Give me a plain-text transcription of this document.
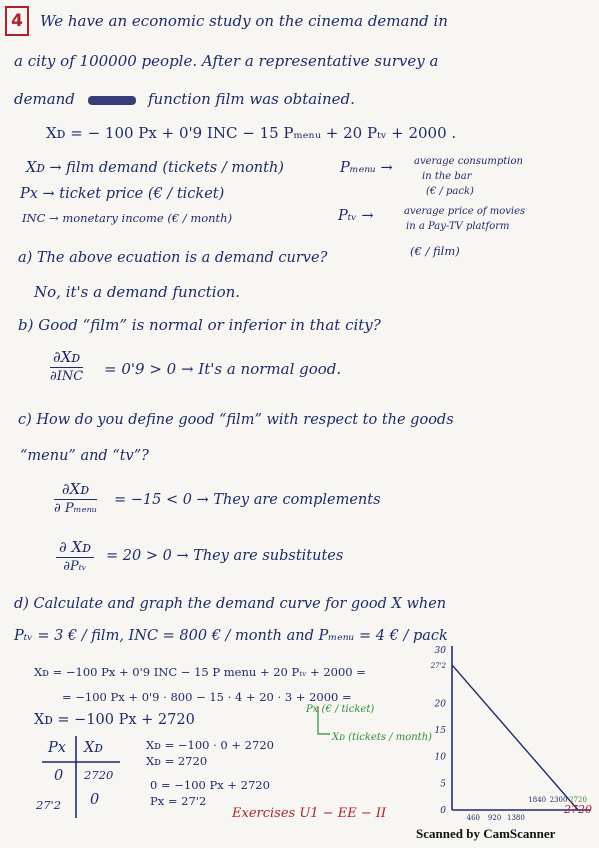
4	We have an economic study on the cinema demand in
a city of 100000 people. After a representative survey a
demand	function film was obtained.
Xᴅ = − 100 Px + 0'9 INC − 15 Pₘₑₙᵤ + 20 Pₜᵥ + 2000 .
Xᴅ → film demand (tickets / month)	Pₘₑₙᵤ → average consumption
in the bar
(€ / pack)
Px → ticket price (€ / ticket)
INC → monetary income (€ / month)	Pₜᵥ →	average price of movies
in a Pay-TV platform
(€ / film)
a) The above ecuation is a demand curve?
No, it's a demand function.
b) Good “film” is normal or inferior in that city?
∂Xᴅ
∂INC = 0'9 > 0 → It's a normal good.
c) How do you define good “film” with respect to the goods
“menu” and “tv”?
∂Xᴅ
∂ Pₘₑₙᵤ
= −15 < 0 → They are complements
∂ Xᴅ
∂Pₜᵥ
= 20 > 0 → They are substitutes
d) Calculate and graph the demand curve for good X when
Pₜᵥ = 3 € / film, INC = 800 € / month and Pₘₑₙᵤ = 4 € / pack
Xᴅ = −100 Px + 0'9 INC − 15 P menu + 20 Pₜᵥ + 2000 =
= −100 Px + 0'9 · 800 − 15 · 4 + 20 · 3 + 2000 =
Xᴅ = −100 Px + 2720
Px Xᴅ
0 2720
27'2 0
Xᴅ = −100 · 0 + 2720
Xᴅ = 2720
0 = −100 Px + 2720
Px = 27'2
Px (€ / ticket)
Xᴅ (tickets / month)
30
27'2
20
15
10
5
0
460 920 1380
1840 2300 2720
2720
Exercises U1 − EE − II
Scanned by CamScanner
